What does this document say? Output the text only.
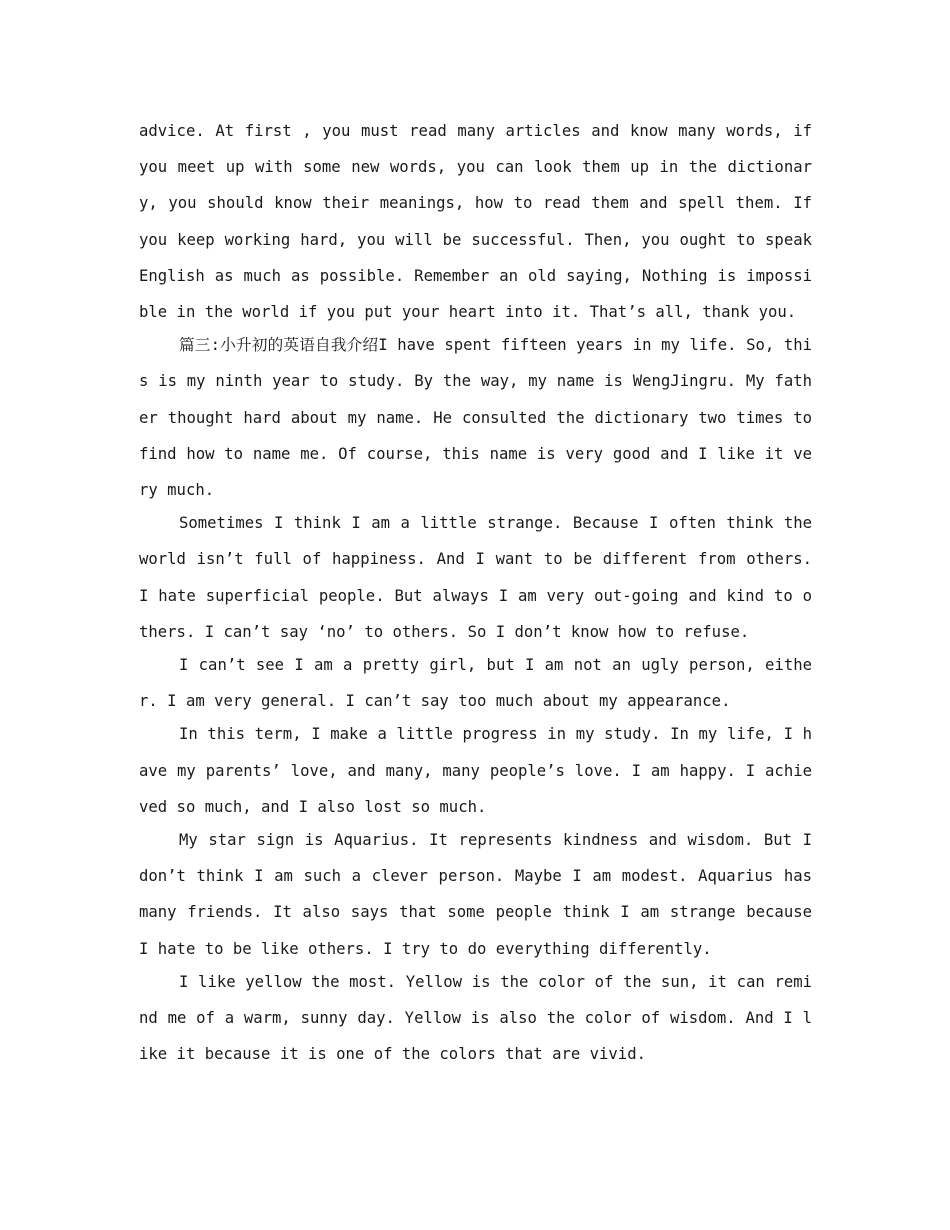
advice. At first , you must read many articles and know many words, if you meet up with some new words, you can look them up in the dictionary, you should know their meanings, how to read them and spell them. If you keep working hard, you will be successful. Then, you ought to speak English as much as possible. Remember an old saying, Nothing is impossible in the world if you put your heart into it. That’s all, thank you.

篇三:小升初的英语自我介绍I have spent fifteen years in my life. So, this is my ninth year to study. By the way, my name is WengJingru. My father thought hard about my name. He consulted the dictionary two times to find how to name me. Of course, this name is very good and I like it very much.

Sometimes I think I am a little strange. Because I often think the world isn’t full of happiness. And I want to be different from others. I hate superficial people. But always I am very out-going and kind to others. I can’t say ‘no’ to others. So I don’t know how to refuse.

I can’t see I am a pretty girl, but I am not an ugly person, either. I am very general. I can’t say too much about my appearance.

In this term, I make a little progress in my study. In my life, I have my parents’ love, and many, many people’s love. I am happy. I achieved so much, and I also lost so much.

My star sign is Aquarius. It represents kindness and wisdom. But I don’t think I am such a clever person. Maybe I am modest. Aquarius has many friends. It also says that some people think I am strange because I hate to be like others. I try to do everything differently.

I like yellow the most. Yellow is the color of the sun, it can remind me of a warm, sunny day. Yellow is also the color of wisdom. And I like it because it is one of the colors that are vivid.
